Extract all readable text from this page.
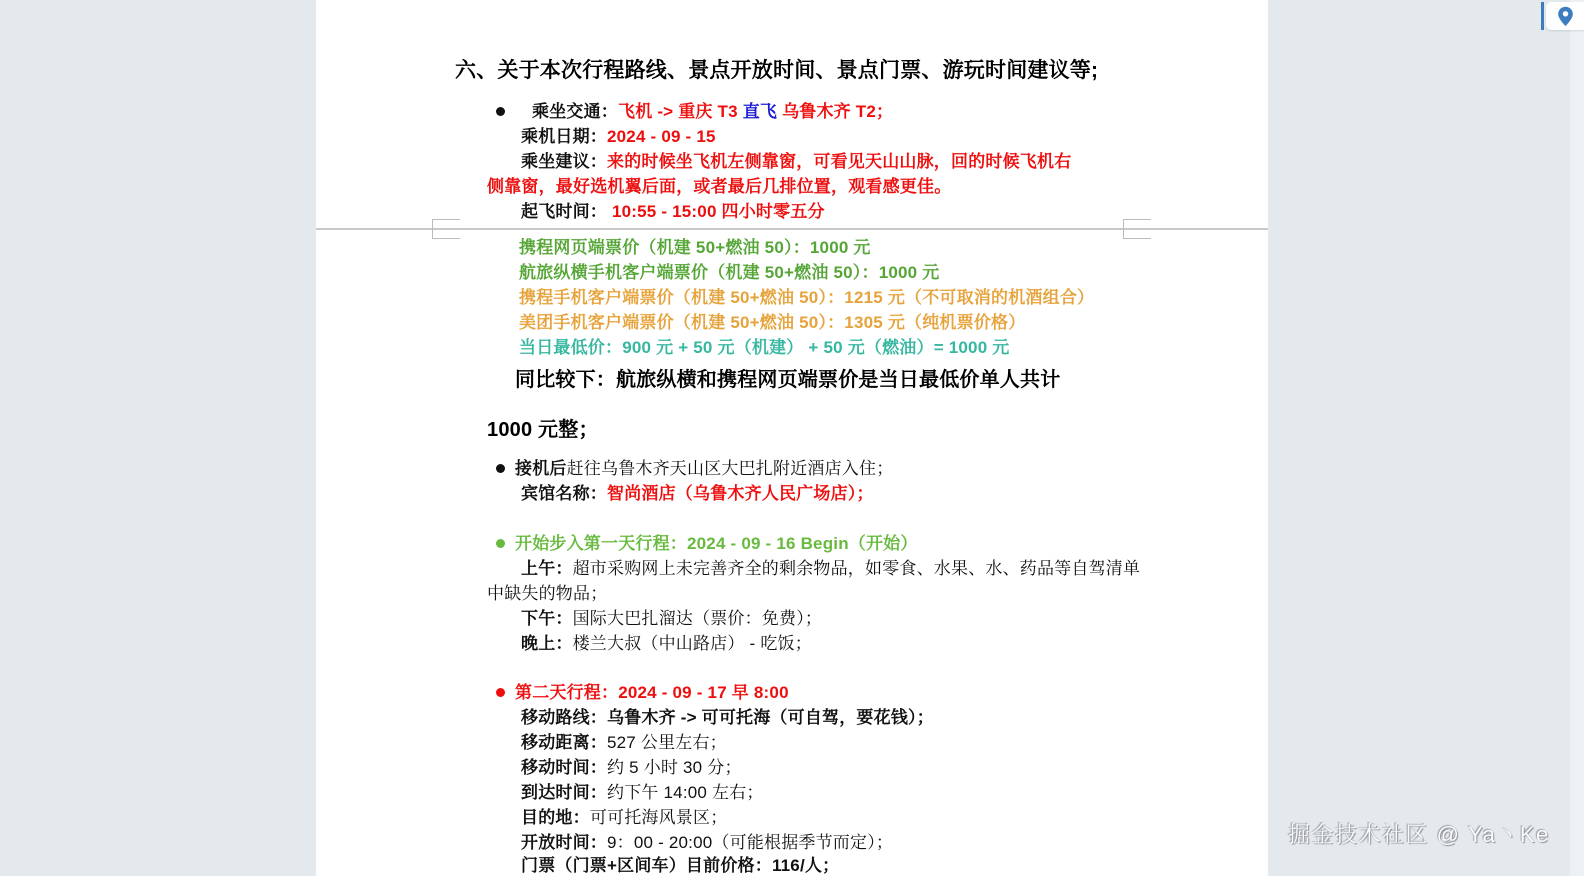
六、关于本次行程路线、景点开放时间、景点门票、游玩时间建议等;
乘坐交通：飞机 -> 重庆 T3 直飞 乌鲁木齐 T2；
乘机日期：2024 - 09 - 15
乘坐建议：来的时候坐飞机左侧靠窗，可看见天山山脉，回的时候飞机右
侧靠窗，最好选机翼后面，或者最后几排位置，观看感更佳。
起飞时间： 10:55 - 15:00 四小时零五分
携程网页端票价（机建 50+燃油 50）：1000 元
航旅纵横手机客户端票价（机建 50+燃油 50）：1000 元
携程手机客户端票价（机建 50+燃油 50）：1215 元（不可取消的机酒组合）
美团手机客户端票价（机建 50+燃油 50）：1305 元（纯机票价格）
当日最低价：900 元 + 50 元（机建） + 50 元（燃油）= 1000 元
同比较下：航旅纵横和携程网页端票价是当日最低价单人共计
1000 元整；
接机后赶往乌鲁木齐天山区大巴扎附近酒店入住；
宾馆名称：智尚酒店（乌鲁木齐人民广场店）；
开始步入第一天行程：2024 - 09 - 16 Begin（开始）
上午：超市采购网上未完善齐全的剩余物品，如零食、水果、水、药品等自驾清单
中缺失的物品；
下午：国际大巴扎溜达（票价：免费）；
晚上：楼兰大叔（中山路店） - 吃饭；
第二天行程：2024 - 09 - 17 早 8:00
移动路线：乌鲁木齐 -> 可可托海（可自驾，要花钱）；
移动距离：527 公里左右；
移动时间：约 5 小时 30 分；
到达时间：约下午 14:00 左右；
目的地：可可托海风景区；
开放时间：9：00 - 20:00（可能根据季节而定）；
门票（门票+区间车）目前价格：116/人；
掘金技术社区 @ Ya丶Ke
